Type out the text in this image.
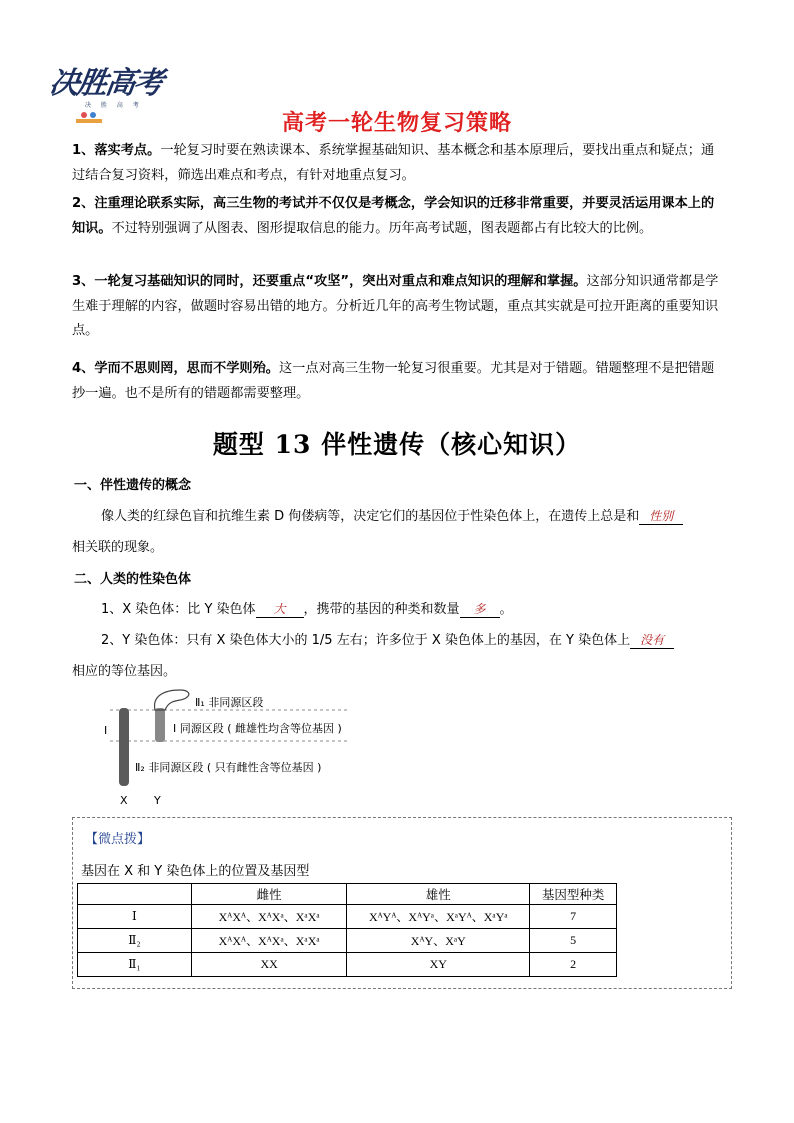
决胜高考
决 胜 高 考
高考一轮生物复习策略
1、落实考点。一轮复习时要在熟读课本、系统掌握基础知识、基本概念和基本原理后，要找出重点和疑点；通过结合复习资料，筛选出难点和考点，有针对地重点复习。
2、注重理论联系实际，高三生物的考试并不仅仅是考概念，学会知识的迁移非常重要，并要灵活运用课本上的知识。不过特别强调了从图表、图形提取信息的能力。历年高考试题，图表题都占有比较大的比例。
3、一轮复习基础知识的同时，还要重点“攻坚”，突出对重点和难点知识的理解和掌握。这部分知识通常都是学生难于理解的内容，做题时容易出错的地方。分析近几年的高考生物试题，重点其实就是可拉开距离的重要知识点。
4、学而不思则罔，思而不学则殆。这一点对高三生物一轮复习很重要。尤其是对于错题。错题整理不是把错题抄一遍。也不是所有的错题都需要整理。
题型 13 伴性遗传（核心知识）
一、伴性遗传的概念
像人类的红绿色盲和抗维生素 D 佝偻病等，决定它们的基因位于性染色体上，在遗传上总是和 性别
相关联的现象。
二、人类的性染色体
1、X 染色体：比 Y 染色体 大 ，携带的基因的种类和数量 多 。
2、Y 染色体：只有 X 染色体大小的 1/5 左右；许多位于 X 染色体上的基因，在 Y 染色体上 没有
相应的等位基因。
Ⅱ₁ 非同源区段
Ⅰ	Ⅰ 同源区段 ( 雌雄性均含等位基因 )
Ⅱ₂ 非同源区段 ( 只有雌性含等位基因 )
X Y
【微点拨】
基因在 X 和 Y 染色体上的位置及基因型
	雌性	雄性	基因型种类
Ⅰ	XᴬXᴬ、XᴬXᵃ、XᵃXᵃ	XᴬYᴬ、XᴬYᵃ、XᵃYᴬ、XᵃYᵃ	7
Ⅱ₂	XᴬXᴬ、XᴬXᵃ、XᵃXᵃ	XᴬY、XᵃY	5
Ⅱ₁	XX	XY	2
